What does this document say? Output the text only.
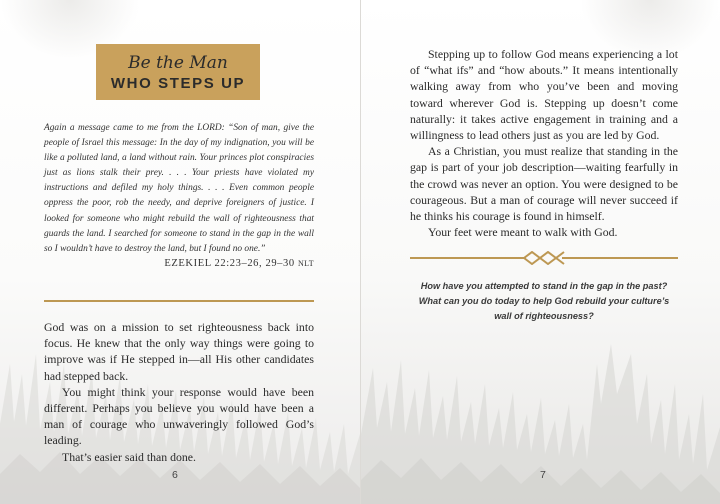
Be the Man
WHO STEPS UP
Again a message came to me from the LORD: “Son of man, give the people of Israel this message: In the day of my indignation, you will be like a polluted land, a land without rain. Your princes plot conspiracies just as lions stalk their prey. . . . Your priests have violated my instructions and defiled my holy things. . . . Even common people oppress the poor, rob the needy, and deprive foreigners of justice. I looked for someone who might rebuild the wall of righteousness that guards the land. I searched for someone to stand in the gap in the wall so I wouldn’t have to destroy the land, but I found no one.”
EZEKIEL 22:23–26, 29–30 NLT

God was on a mission to set righteousness back into focus. He knew that the only way things were going to improve was if He stepped in—all His other candidates had stepped back.

You might think your response would have been different. Perhaps you believe you would have been a man of courage who unwaveringly followed God’s leading.

That’s easier said than done.

6

Stepping up to follow God means experiencing a lot of “what ifs” and “how abouts.” It means intentionally walking away from who you’ve been and moving toward wherever God is. Stepping up doesn’t come naturally: it takes active engagement in training and a willingness to lead others just as you are led by God.

As a Christian, you must realize that standing in the gap is part of your job description—waiting fearfully in the crowd was never an option. You were designed to be courageous. But a man of courage will never succeed if he thinks his courage is found in himself.

Your feet were meant to walk with God.

How have you attempted to stand in the gap in the past? What can you do today to help God rebuild your culture’s wall of righteousness?
7
